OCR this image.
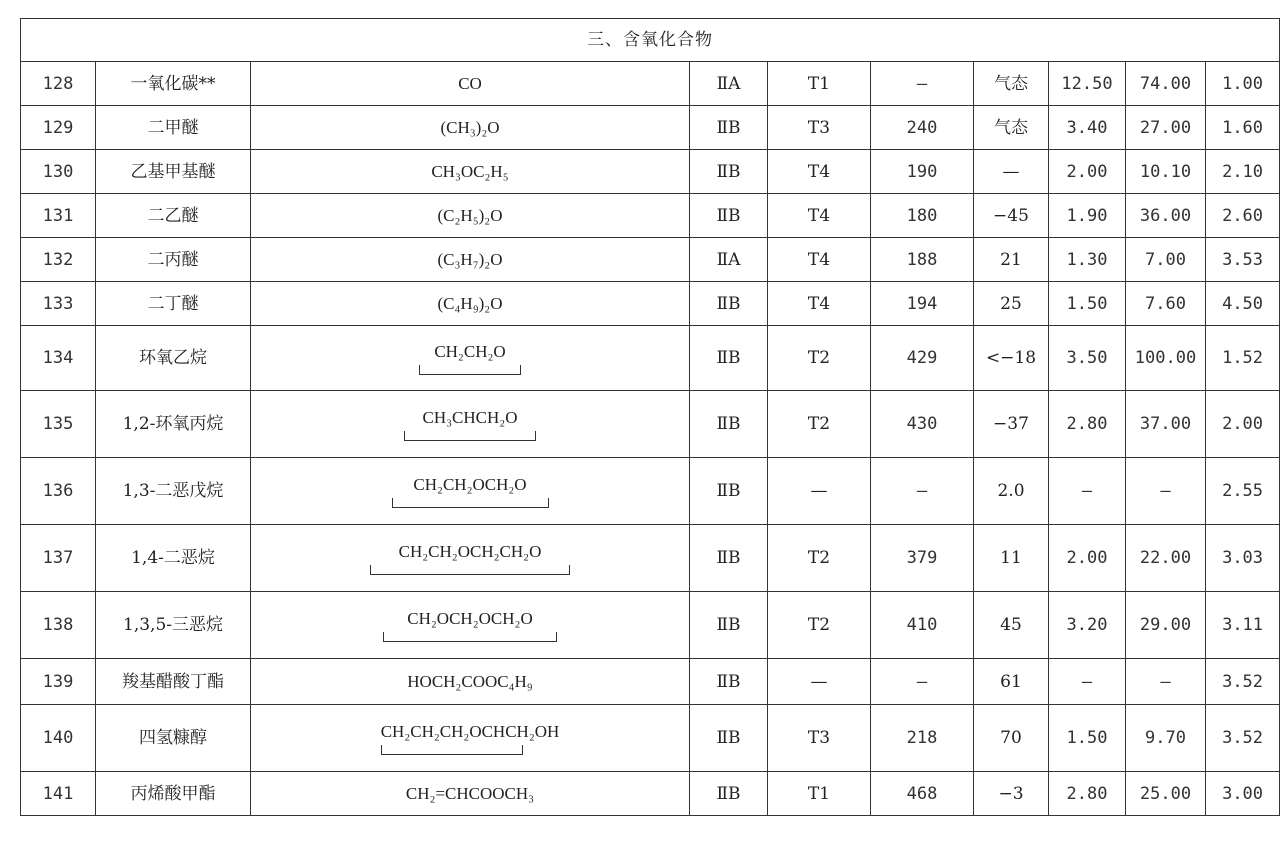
三、含氧化合物									
128	一氧化碳**	CO	ⅡA	T1	—	气态	12.50	74.00	1.00
129	二甲醚	(CH₃)₂O	ⅡB	T3	240	气态	3.40	27.00	1.60
130	乙基甲基醚	CH₃OC₂H₅	ⅡB	T4	190	—	2.00	10.10	2.10
131	二乙醚	(C₂H₅)₂O	ⅡB	T4	180	−45	1.90	36.00	2.60
132	二丙醚	(C₃H₇)₂O	ⅡA	T4	188	21	1.30	7.00	3.53
133	二丁醚	(C₄H₉)₂O	ⅡB	T4	194	25	1.50	7.60	4.50
134	环氧乙烷	CH₂CH₂O	ⅡB	T2	429	<−18	3.50	100.00	1.52
135	1,2-环氧丙烷	CH₃CHCH₂O	ⅡB	T2	430	−37	2.80	37.00	2.00
136	1,3-二恶戊烷	CH₂CH₂OCH₂O	ⅡB	—	—	2.0	—	—	2.55
137	1,4-二恶烷	CH₂CH₂OCH₂CH₂O	ⅡB	T2	379	11	2.00	22.00	3.03
138	1,3,5-三恶烷	CH₂OCH₂OCH₂O	ⅡB	T2	410	45	3.20	29.00	3.11
139	羧基醋酸丁酯	HOCH₂COOC₄H₉	ⅡB	—	—	61	—	—	3.52
140	四氢糠醇	CH₂CH₂CH₂OCHCH₂OH	ⅡB	T3	218	70	1.50	9.70	3.52
141	丙烯酸甲酯	CH₂=CHCOOCH₃	ⅡB	T1	468	−3	2.80	25.00	3.00
